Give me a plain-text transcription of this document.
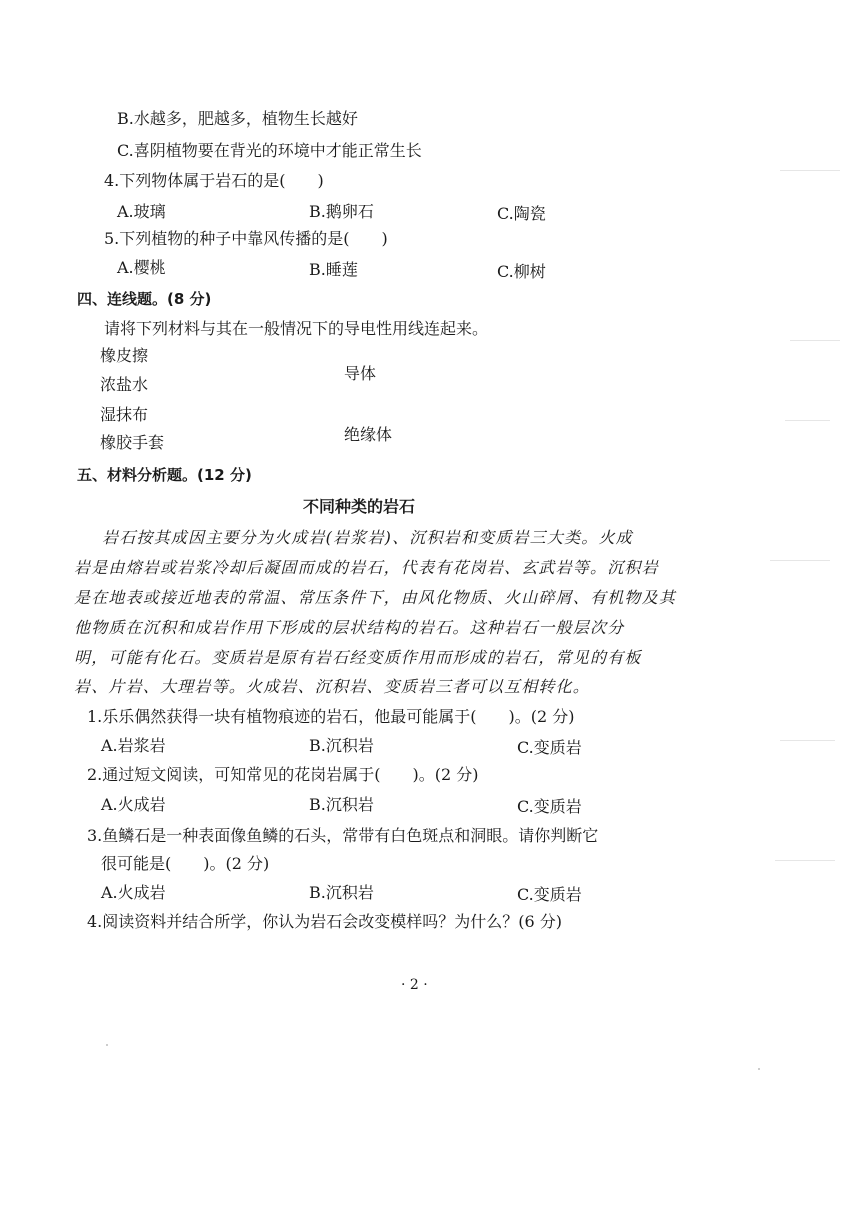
B.水越多，肥越多，植物生长越好
C.喜阴植物要在背光的环境中才能正常生长
4.下列物体属于岩石的是(　　)
A.玻璃	B.鹅卵石	C.陶瓷
5.下列植物的种子中靠风传播的是(　　)
A.樱桃	B.睡莲	C.柳树
四、连线题。(8 分)
请将下列材料与其在一般情况下的导电性用线连起来。
橡皮擦
浓盐水
湿抹布
橡胶手套
导体
绝缘体
五、材料分析题。(12 分)
不同种类的岩石
岩石按其成因主要分为火成岩(岩浆岩)、沉积岩和变质岩三大类。火成
岩是由熔岩或岩浆冷却后凝固而成的岩石，代表有花岗岩、玄武岩等。沉积岩
是在地表或接近地表的常温、常压条件下，由风化物质、火山碎屑、有机物及其
他物质在沉积和成岩作用下形成的层状结构的岩石。这种岩石一般层次分
明，可能有化石。变质岩是原有岩石经变质作用而形成的岩石，常见的有板
岩、片岩、大理岩等。火成岩、沉积岩、变质岩三者可以互相转化。
1.乐乐偶然获得一块有植物痕迹的岩石，他最可能属于(　　)。(2 分)
A.岩浆岩	B.沉积岩	C.变质岩
2.通过短文阅读，可知常见的花岗岩属于(　　)。(2 分)
A.火成岩	B.沉积岩	C.变质岩
3.鱼鳞石是一种表面像鱼鳞的石头，常带有白色斑点和洞眼。请你判断它
很可能是(　　)。(2 分)
A.火成岩	B.沉积岩	C.变质岩
4.阅读资料并结合所学，你认为岩石会改变模样吗？为什么？(6 分)
· 2 ·
